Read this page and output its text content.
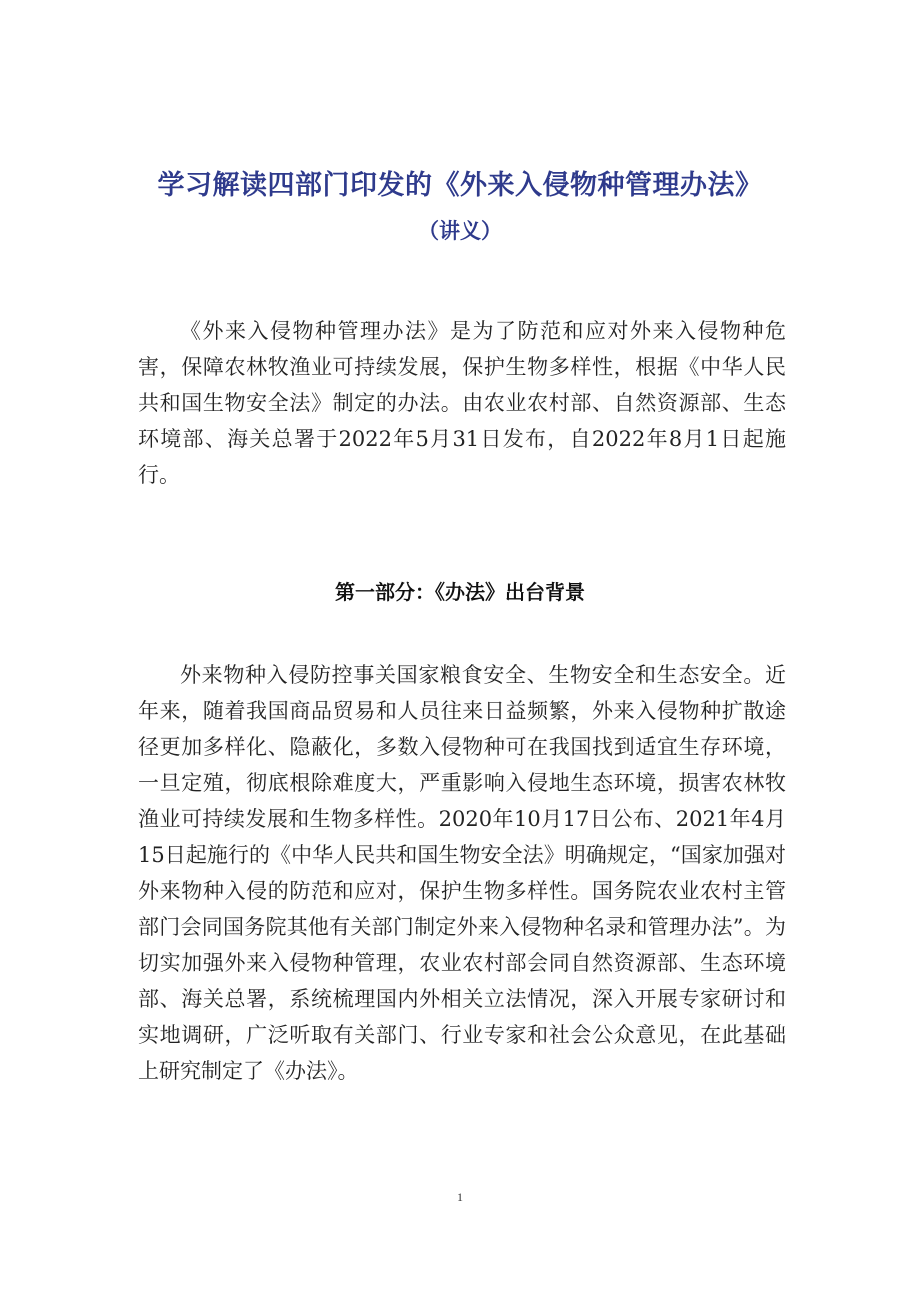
学习解读四部门印发的《外来入侵物种管理办法》
（讲义）

《外来入侵物种管理办法》是为了防范和应对外来入侵物种危害，保障农林牧渔业可持续发展，保护生物多样性，根据《中华人民共和国生物安全法》制定的办法。由农业农村部、自然资源部、生态环境部、海关总署于2022年5月31日发布，自2022年8月1日起施行。

第一部分：《办法》出台背景

外来物种入侵防控事关国家粮食安全、生物安全和生态安全。近年来，随着我国商品贸易和人员往来日益频繁，外来入侵物种扩散途径更加多样化、隐蔽化，多数入侵物种可在我国找到适宜生存环境，一旦定殖，彻底根除难度大，严重影响入侵地生态环境，损害农林牧渔业可持续发展和生物多样性。2020年10月17日公布、2021年4月15日起施行的《中华人民共和国生物安全法》明确规定，“国家加强对外来物种入侵的防范和应对，保护生物多样性。国务院农业农村主管部门会同国务院其他有关部门制定外来入侵物种名录和管理办法”。为切实加强外来入侵物种管理，农业农村部会同自然资源部、生态环境部、海关总署，系统梳理国内外相关立法情况，深入开展专家研讨和实地调研，广泛听取有关部门、行业专家和社会公众意见，在此基础上研究制定了《办法》。

1
